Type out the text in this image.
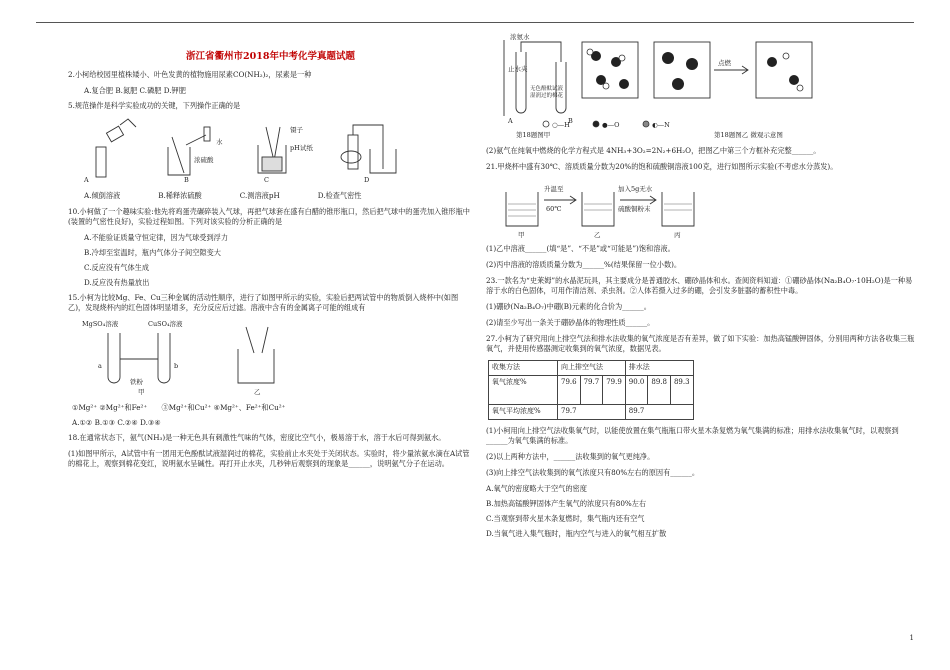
浙江省衢州市2018年中考化学真题试题

2.小柯给校园里植株矮小、叶色发黄的植物施用尿素CO(NH₂)₂，尿素是一种

A.复合肥 B.氮肥 C.磷肥 D.钾肥

5.规范操作是科学实验成功的关键，下列操作正确的是

A	B	C	D
水
浓硫酸
镊子
pH试纸
A.倾倒溶液	B.稀释浓硫酸	C.测溶液pH	D.检查气密性

10.小柯做了一个趣味实验:他先将鸡蛋壳碾碎装入气球，再把气球套在盛有白醋的锥形瓶口，然后把气球中的蛋壳加入锥形瓶中(装置的气密性良好)，实验过程如图。下列对该实验的分析正确的是

A.不能验证质量守恒定律，因为气球受到浮力

B.冷却至室温时，瓶内气体分子间空隙变大

C.反应没有气体生成

D.反应没有热量放出

15.小柯为比较Mg、Fe、Cu三种金属的活动性顺序，进行了如图甲所示的实验，实验后把两试管中的物质倒入烧杯中(如图乙)，发现烧杯内的红色固体明显增多，充分反应后过滤。溶液中含有的金属离子可能的组成有

MgSO₄溶液	CuSO₄溶液
a	b
铁粉
甲	乙

①Mg²⁺ ②Mg²⁺和Fe²⁺　　③Mg²⁺和Cu²⁺ ④Mg²⁺、Fe²⁺和Cu²⁺

A.①② B.①③ C.②④ D.③④

18.在通常状态下，氨气(NH₃)是一种无色具有刺激性气味的气体，密度比空气小，极易溶于水，溶于水后可得到氨水。

(1)如图甲所示，A试管中有一团用无色酚酞试液湿润过的棉花，实验前止水夹处于关闭状态。实验时，将少量浓氨水滴在A试管的棉花上，观察到棉花变红，说明氨水呈碱性。再打开止水夹，几秒钟后观察到的现象是______，说明氨气分子在运动。

浓氨水
止水夹
无色酚酞试液湿润过的棉花
A	B
第18题图甲
点燃
○—H	●—O	◐—N
第18题图乙 微观示意图

(2)氨气在纯氧中燃烧的化学方程式是 4NH₃+3O₂=2N₂+6H₂O，把图乙中第三个方框补充完整______。

21.甲烧杯中盛有30℃、溶质质量分数为20%的饱和硫酸铜溶液100克，进行如图所示实验(不考虑水分蒸发)。

升温至
60℃
加入5g无水
硫酸铜粉末
甲	乙	丙

(1)乙中溶液______(填“是”、“不是”或“可能是”)饱和溶液。

(2)丙中溶液的溶质质量分数为______%(结果保留一位小数)。

23.一款名为“史莱姆”的水晶泥玩具，其主要成分是普通胶水、硼砂晶体和水。查阅资料知道：①硼砂晶体(Na₂B₄O₇·10H₂O)是一种易溶于水的白色固体，可用作清洁剂、杀虫剂。②人体若摄入过多的硼，会引发多脏器的蓄积性中毒。

(1)硼砂(Na₂B₄O₇)中硼(B)元素的化合价为______。

(2)请至少写出一条关于硼砂晶体的物理性质______。

27.小柯为了研究用向上排空气法和排水法收集的氧气浓度是否有差异，做了如下实验：加热高锰酸钾固体，分别用两种方法各收集三瓶氧气，并使用传感器测定收集到的氧气浓度，数据见表。

收集方法	向上排空气法			排水法		
氧气浓度%	79.6	79.7	79.9	90.0	89.8	89.3
氧气平均浓度%	79.7			89.7		

(1)小柯用向上排空气法收集氧气时，以能使放置在集气瓶瓶口带火星木条复燃为氧气集满的标准；用排水法收集氧气时，以观察到______为氧气集满的标准。

(2)以上两种方法中，______法收集到的氧气更纯净。

(3)向上排空气法收集到的氧气浓度只有80%左右的原因有______。

A.氧气的密度略大于空气的密度

B.加热高锰酸钾固体产生氧气的浓度只有80%左右

C.当观察到带火星木条复燃时，集气瓶内还有空气

D.当氧气进入集气瓶时，瓶内空气与进入的氧气相互扩散

1
